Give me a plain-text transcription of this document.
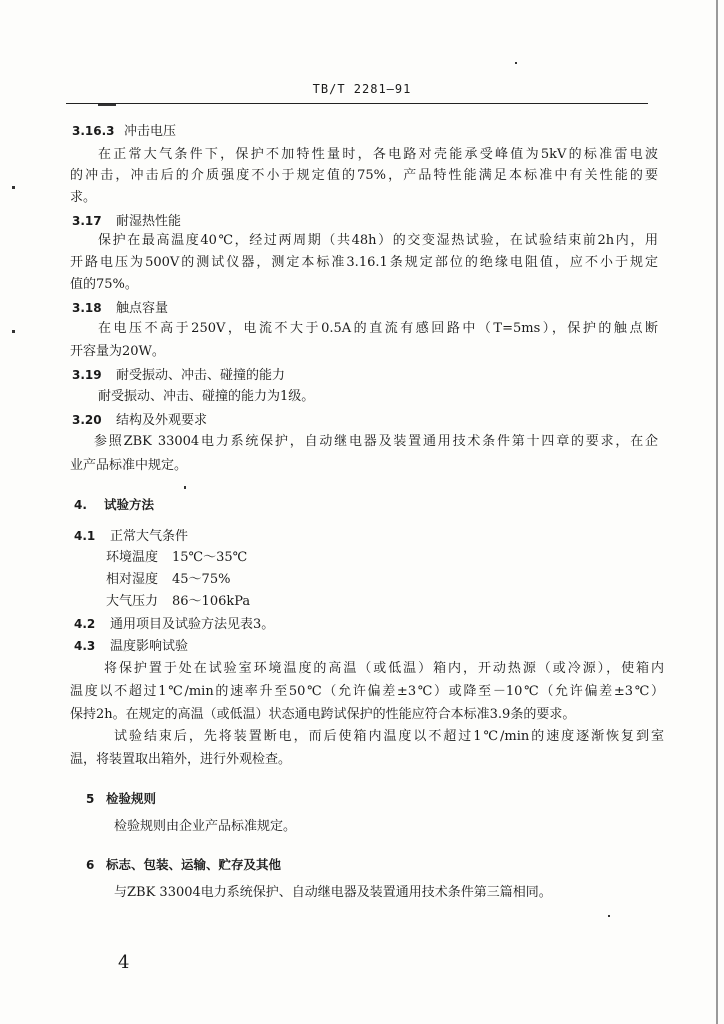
TB/T 2281—91
3.16.3 冲击电压
在正常大气条件下，保护不加特性量时，各电路对壳能承受峰值为5kV的标准雷电波
的冲击，冲击后的介质强度不小于规定值的75%，产品特性能满足本标准中有关性能的要
求。
3.17 耐湿热性能
保护在最高温度40℃，经过两周期（共48h）的交变湿热试验，在试验结束前2h内，用
开路电压为500V的测试仪器，测定本标准3.16.1条规定部位的绝缘电阻值，应不小于规定
值的75%。
3.18 触点容量
在电压不高于250V，电流不大于0.5A的直流有感回路中（T=5ms），保护的触点断
开容量为20W。
3.19 耐受振动、冲击、碰撞的能力
耐受振动、冲击、碰撞的能力为1级。
3.20 结构及外观要求
参照ZBK 33004电力系统保护，自动继电器及装置通用技术条件第十四章的要求，在企
业产品标准中规定。
4. 试验方法
4.1 正常大气条件
环境温度 15℃～35℃
相对湿度 45～75%
大气压力 86～106kPa
4.2 通用项目及试验方法见表3。
4.3 温度影响试验
将保护置于处在试验室环境温度的高温（或低温）箱内，开动热源（或冷源），使箱内
温度以不超过1℃/min的速率升至50℃（允许偏差±3℃）或降至－10℃（允许偏差±3℃）
保持2h。在规定的高温（或低温）状态通电跨试保护的性能应符合本标准3.9条的要求。
试验结束后，先将装置断电，而后使箱内温度以不超过1℃/min的速度逐渐恢复到室
温，将装置取出箱外，进行外观检查。
5 检验规则
检验规则由企业产品标准规定。
6 标志、包装、运输、贮存及其他
与ZBK 33004电力系统保护、自动继电器及装置通用技术条件第三篇相同。
4
